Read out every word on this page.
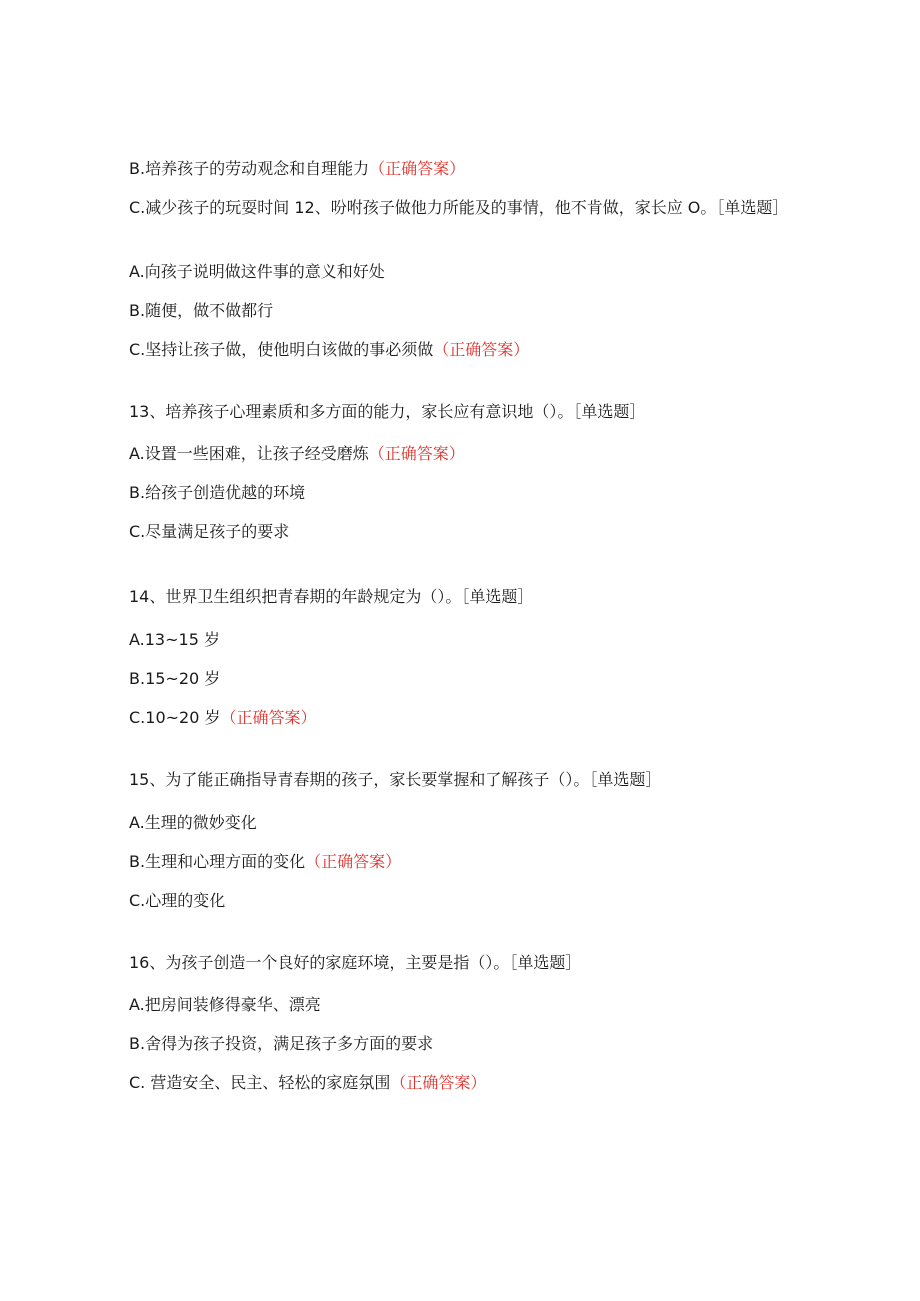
B.培养孩子的劳动观念和自理能力（正确答案）
C.减少孩子的玩耍时间 12、吩咐孩子做他力所能及的事情，他不肯做，家长应 O。［单选题］
A.向孩子说明做这件事的意义和好处
B.随便，做不做都行
C.坚持让孩子做，使他明白该做的事必须做（正确答案）
13、培养孩子心理素质和多方面的能力，家长应有意识地（）。［单选题］
A.设置一些困难，让孩子经受磨炼（正确答案）
B.给孩子创造优越的环境
C.尽量满足孩子的要求
14、世界卫生组织把青春期的年龄规定为（）。［单选题］
A.13~15 岁
B.15~20 岁
C.10~20 岁（正确答案）
15、为了能正确指导青春期的孩子，家长要掌握和了解孩子（）。［单选题］
A.生理的微妙变化
B.生理和心理方面的变化（正确答案）
C.心理的变化
16、为孩子创造一个良好的家庭环境，主要是指（）。［单选题］
A.把房间装修得豪华、漂亮
B.舍得为孩子投资，满足孩子多方面的要求
C. 营造安全、民主、轻松的家庭氛围（正确答案）
